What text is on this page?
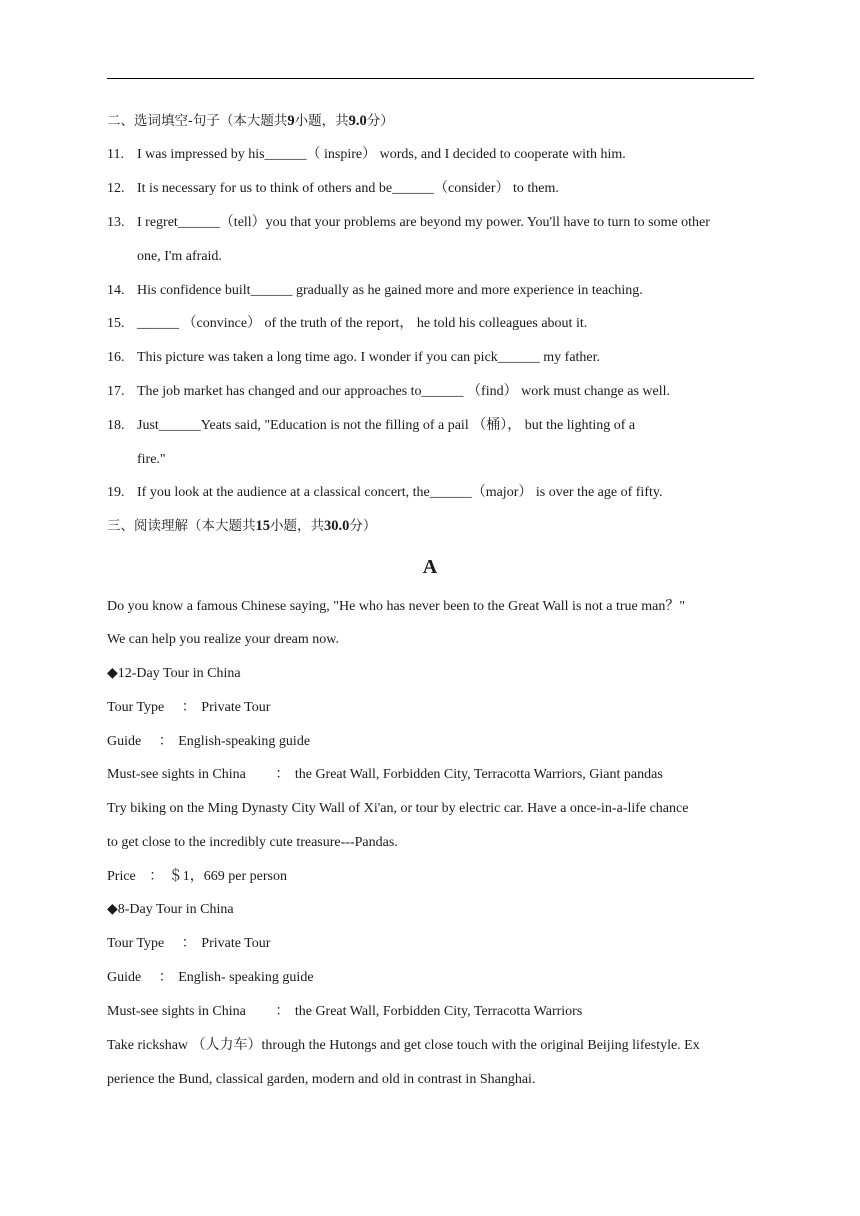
二、选词填空-句子（本大题共9小题，共9.0分）
11. I was impressed by his______（ inspire） words, and I decided to cooperate with him.
12. It is necessary for us to think of others and be______（consider） to them.
13. I regret______（tell）you that your problems are beyond my power. You'll have to turn to some other
one, I'm afraid.
14. His confidence built______ gradually as he gained more and more experience in teaching.
15. ______ （convince） of the truth of the report， he told his colleagues about it.
16. This picture was taken a long time ago. I wonder if you can pick______ my father.
17. The job market has changed and our approaches to______ （find） work must change as well.
18. Just______Yeats said, "Education is not the filling of a pail （桶）， but the lighting of a
fire."
19. If you look at the audience at a classical concert, the______（major） is over the age of fifty.
三、阅读理解（本大题共15小题，共30.0分）
A
Do you know a famous Chinese saying, "He who has never been to the Great Wall is not a true man？"
We can help you realize your dream now.
◆12-Day Tour in China
Tour Type ： Private Tour
Guide ： English-speaking guide
Must-see sights in China ： the Great Wall, Forbidden City, Terracotta Warriors, Giant pandas
Try biking on the Ming Dynasty City Wall of Xi'an, or tour by electric car. Have a once-in-a-life chance
to get close to the incredibly cute treasure---Pandas.
Price ： ＄1，669 per person
◆8-Day Tour in China
Tour Type ： Private Tour
Guide ： English- speaking guide
Must-see sights in China ： the Great Wall, Forbidden City, Terracotta Warriors
Take rickshaw （人力车）through the Hutongs and get close touch with the original Beijing lifestyle. Ex
perience the Bund, classical garden, modern and old in contrast in Shanghai.
